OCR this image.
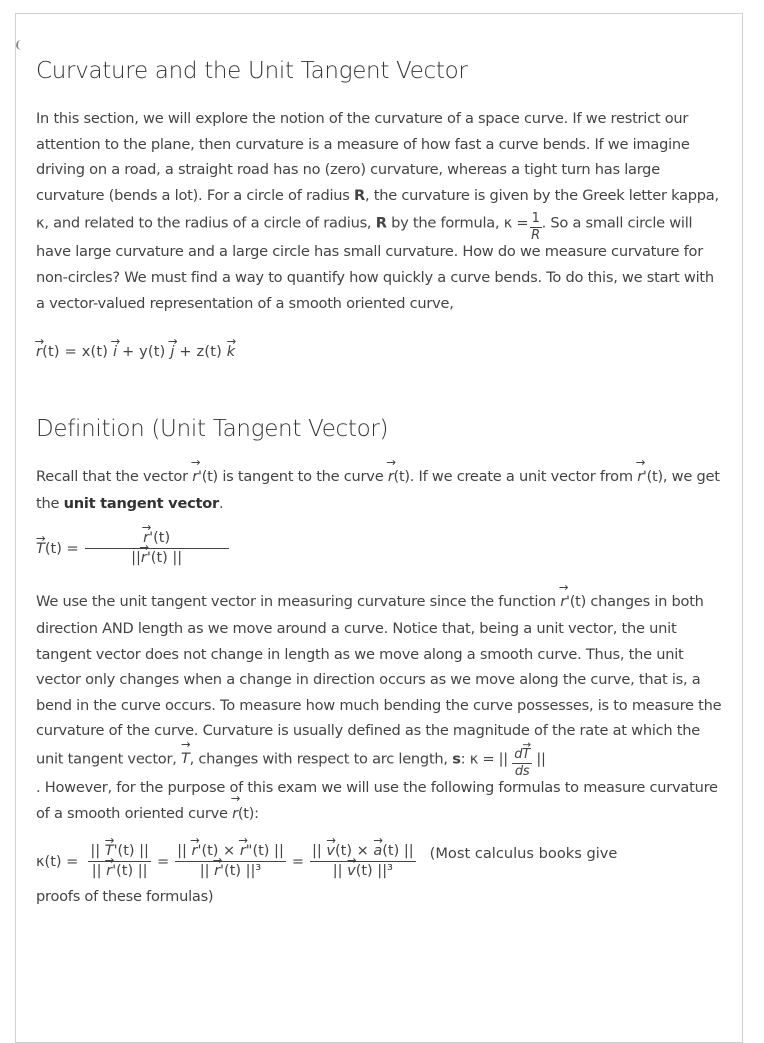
Curvature and the Unit Tangent Vector

In this section, we will explore the notion of the curvature of a space curve. If we restrict our attention to the plane, then curvature is a measure of how fast a curve bends. If we imagine driving on a road, a straight road has no (zero) curvature, whereas a tight turn has large curvature (bends a lot). For a circle of radius R, the curvature is given by the Greek letter kappa, κ, and related to the radius of a circle of radius, R by the formula, κ =  $\frac{1}{R}$ . So a small circle will have large curvature and a large circle has small curvature. How do we measure curvature for non-circles? We must find a way to quantify how quickly a curve bends. To do this, we start with a vector-valued representation of a smooth oriented curve,

→ r(t) = x(t) → i + y(t) → j + z(t) → k
Definition (Unit Tangent Vector)

Recall that the vector → r'(t) is tangent to the curve → r(t). If we create a unit vector from → r'(t), we get the unit tangent vector.

→ T (t) =
→ $\frac{r'(t)}{||\to r'(t) ||}$

We use the unit tangent vector in measuring curvature since the function → r'(t) changes in both direction AND length as we move around a curve. Notice that, being a unit vector, the unit tangent vector does not change in length as we move along a smooth curve. Thus, the unit vector only changes when a change in direction occurs as we move along the curve, that is, a bend in the curve occurs. To measure how much bending the curve possesses, is to measure the curvature of the curve. Curvature is usually defined as the magnitude of the rate at which the unit tangent vector, → T, changes with respect to arc length, s: κ = || $\frac{d\to T}{ds}$ ||
. However, for the purpose of this exam we will use the following formulas to measure curvature of a smooth oriented curve → r(t):

$\kappa(t) = \frac{|| \to T'(t) ||}{|| \to r'(t) ||} = \frac{|| \to r'(t) \times \to r"(t) ||}{\text{|| → r'(t) ||³}} = \frac{|| \to v(t) \times \to a(t) ||}{\text{|| → v(t) ||³}}$ (Most calculus books give

proofs of these formulas)
